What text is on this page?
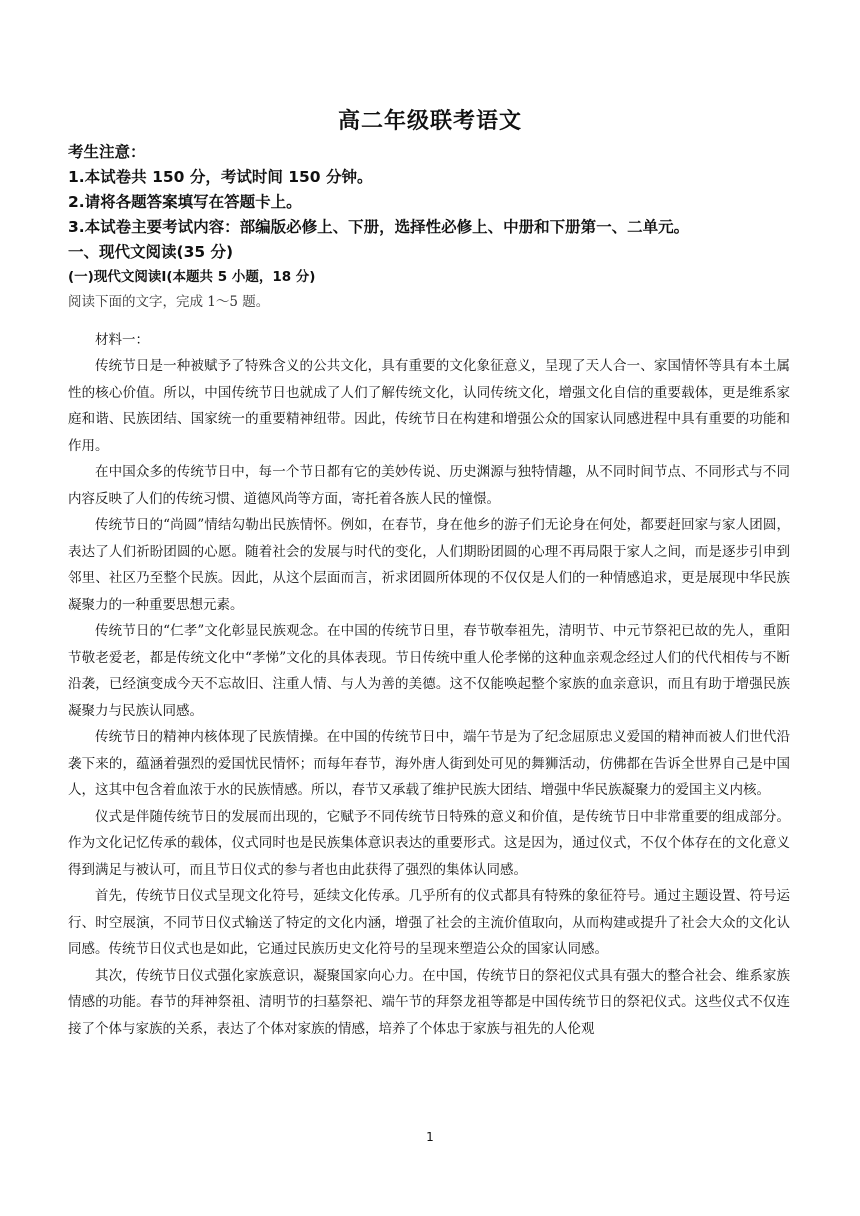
高二年级联考语文
考生注意：
1.本试卷共 150 分，考试时间 150 分钟。
2.请将各题答案填写在答题卡上。
3.本试卷主要考试内容：部编版必修上、下册，选择性必修上、中册和下册第一、二单元。
一、现代文阅读(35 分)
(一)现代文阅读Ⅰ(本题共 5 小题，18 分)
阅读下面的文字，完成 1～5 题。
材料一：

传统节日是一种被赋予了特殊含义的公共文化，具有重要的文化象征意义，呈现了天人合一、家国情怀等具有本土属性的核心价值。所以，中国传统节日也就成了人们了解传统文化，认同传统文化，增强文化自信的重要载体，更是维系家庭和谐、民族团结、国家统一的重要精神纽带。因此，传统节日在构建和增强公众的国家认同感进程中具有重要的功能和作用。

在中国众多的传统节日中，每一个节日都有它的美妙传说、历史渊源与独特情趣，从不同时间节点、不同形式与不同内容反映了人们的传统习惯、道德风尚等方面，寄托着各族人民的憧憬。

传统节日的“尚圆”情结勾勒出民族情怀。例如，在春节，身在他乡的游子们无论身在何处，都要赶回家与家人团圆，表达了人们祈盼团圆的心愿。随着社会的发展与时代的变化，人们期盼团圆的心理不再局限于家人之间，而是逐步引申到邻里、社区乃至整个民族。因此，从这个层面而言，祈求团圆所体现的不仅仅是人们的一种情感追求，更是展现中华民族凝聚力的一种重要思想元素。

传统节日的“仁孝”文化彰显民族观念。在中国的传统节日里，春节敬奉祖先，清明节、中元节祭祀已故的先人，重阳节敬老爱老，都是传统文化中“孝悌”文化的具体表现。节日传统中重人伦孝悌的这种血亲观念经过人们的代代相传与不断沿袭，已经演变成今天不忘故旧、注重人情、与人为善的美德。这不仅能唤起整个家族的血亲意识，而且有助于增强民族凝聚力与民族认同感。

传统节日的精神内核体现了民族情操。在中国的传统节日中，端午节是为了纪念屈原忠义爱国的精神而被人们世代沿袭下来的，蕴涵着强烈的爱国忧民情怀；而每年春节，海外唐人街到处可见的舞狮活动，仿佛都在告诉全世界自己是中国人，这其中包含着血浓于水的民族情感。所以，春节又承载了维护民族大团结、增强中华民族凝聚力的爱国主义内核。

仪式是伴随传统节日的发展而出现的，它赋予不同传统节日特殊的意义和价值，是传统节日中非常重要的组成部分。作为文化记忆传承的载体，仪式同时也是民族集体意识表达的重要形式。这是因为，通过仪式，不仅个体存在的文化意义得到满足与被认可，而且节日仪式的参与者也由此获得了强烈的集体认同感。

首先，传统节日仪式呈现文化符号，延续文化传承。几乎所有的仪式都具有特殊的象征符号。通过主题设置、符号运行、时空展演，不同节日仪式输送了特定的文化内涵，增强了社会的主流价值取向，从而构建或提升了社会大众的文化认同感。传统节日仪式也是如此，它通过民族历史文化符号的呈现来塑造公众的国家认同感。

其次，传统节日仪式强化家族意识，凝聚国家向心力。在中国，传统节日的祭祀仪式具有强大的整合社会、维系家族情感的功能。春节的拜神祭祖、清明节的扫墓祭祀、端午节的拜祭龙祖等都是中国传统节日的祭祀仪式。这些仪式不仅连接了个体与家族的关系，表达了个体对家族的情感，培养了个体忠于家族与祖先的人伦观

1
